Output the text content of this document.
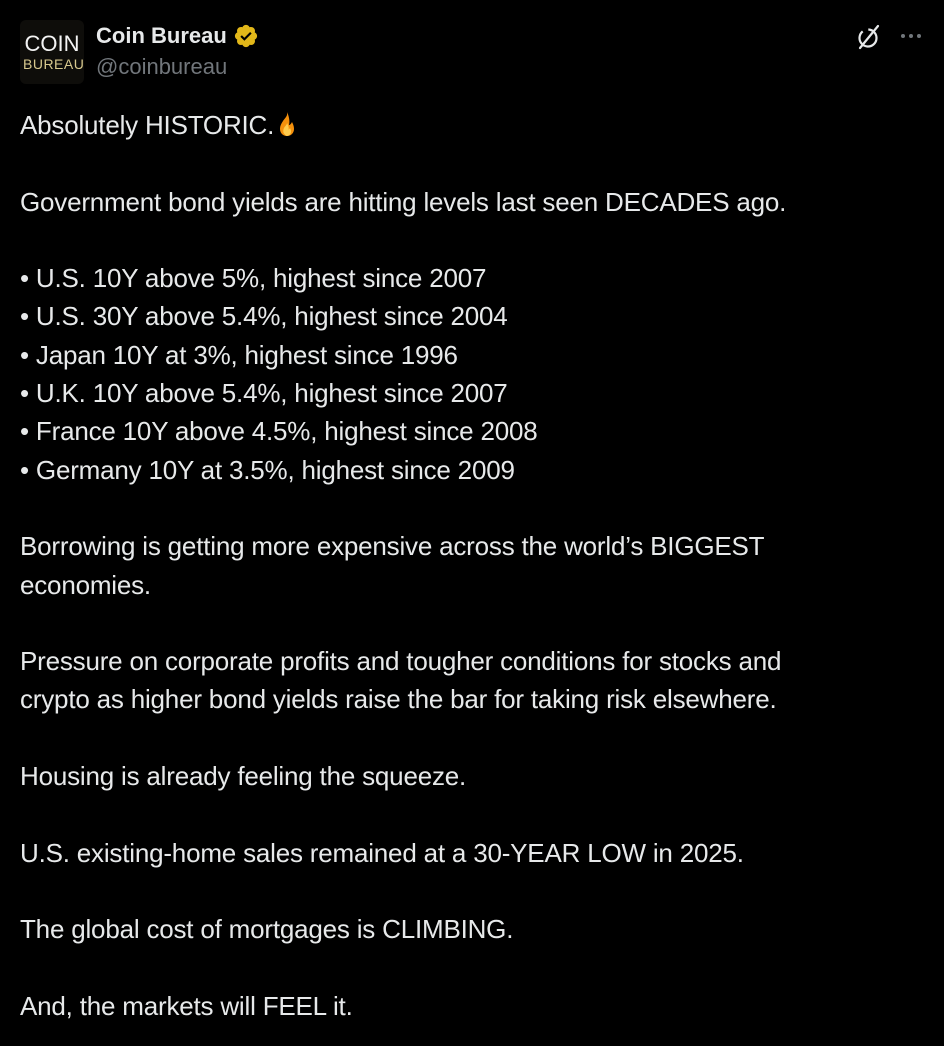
COIN
BUREAU
Coin Bureau
@coinbureau

Absolutely HISTORIC.

Government bond yields are hitting levels last seen DECADES ago.

• U.S. 10Y above 5%, highest since 2007

• U.S. 30Y above 5.4%, highest since 2004

• Japan 10Y at 3%, highest since 1996

• U.K. 10Y above 5.4%, highest since 2007

• France 10Y above 4.5%, highest since 2008

• Germany 10Y at 3.5%, highest since 2009

Borrowing is getting more expensive across the world’s BIGGEST

economies.

Pressure on corporate profits and tougher conditions for stocks and

crypto as higher bond yields raise the bar for taking risk elsewhere.

Housing is already feeling the squeeze.

U.S. existing-home sales remained at a 30-YEAR LOW in 2025.

The global cost of mortgages is CLIMBING.

And, the markets will FEEL it.
